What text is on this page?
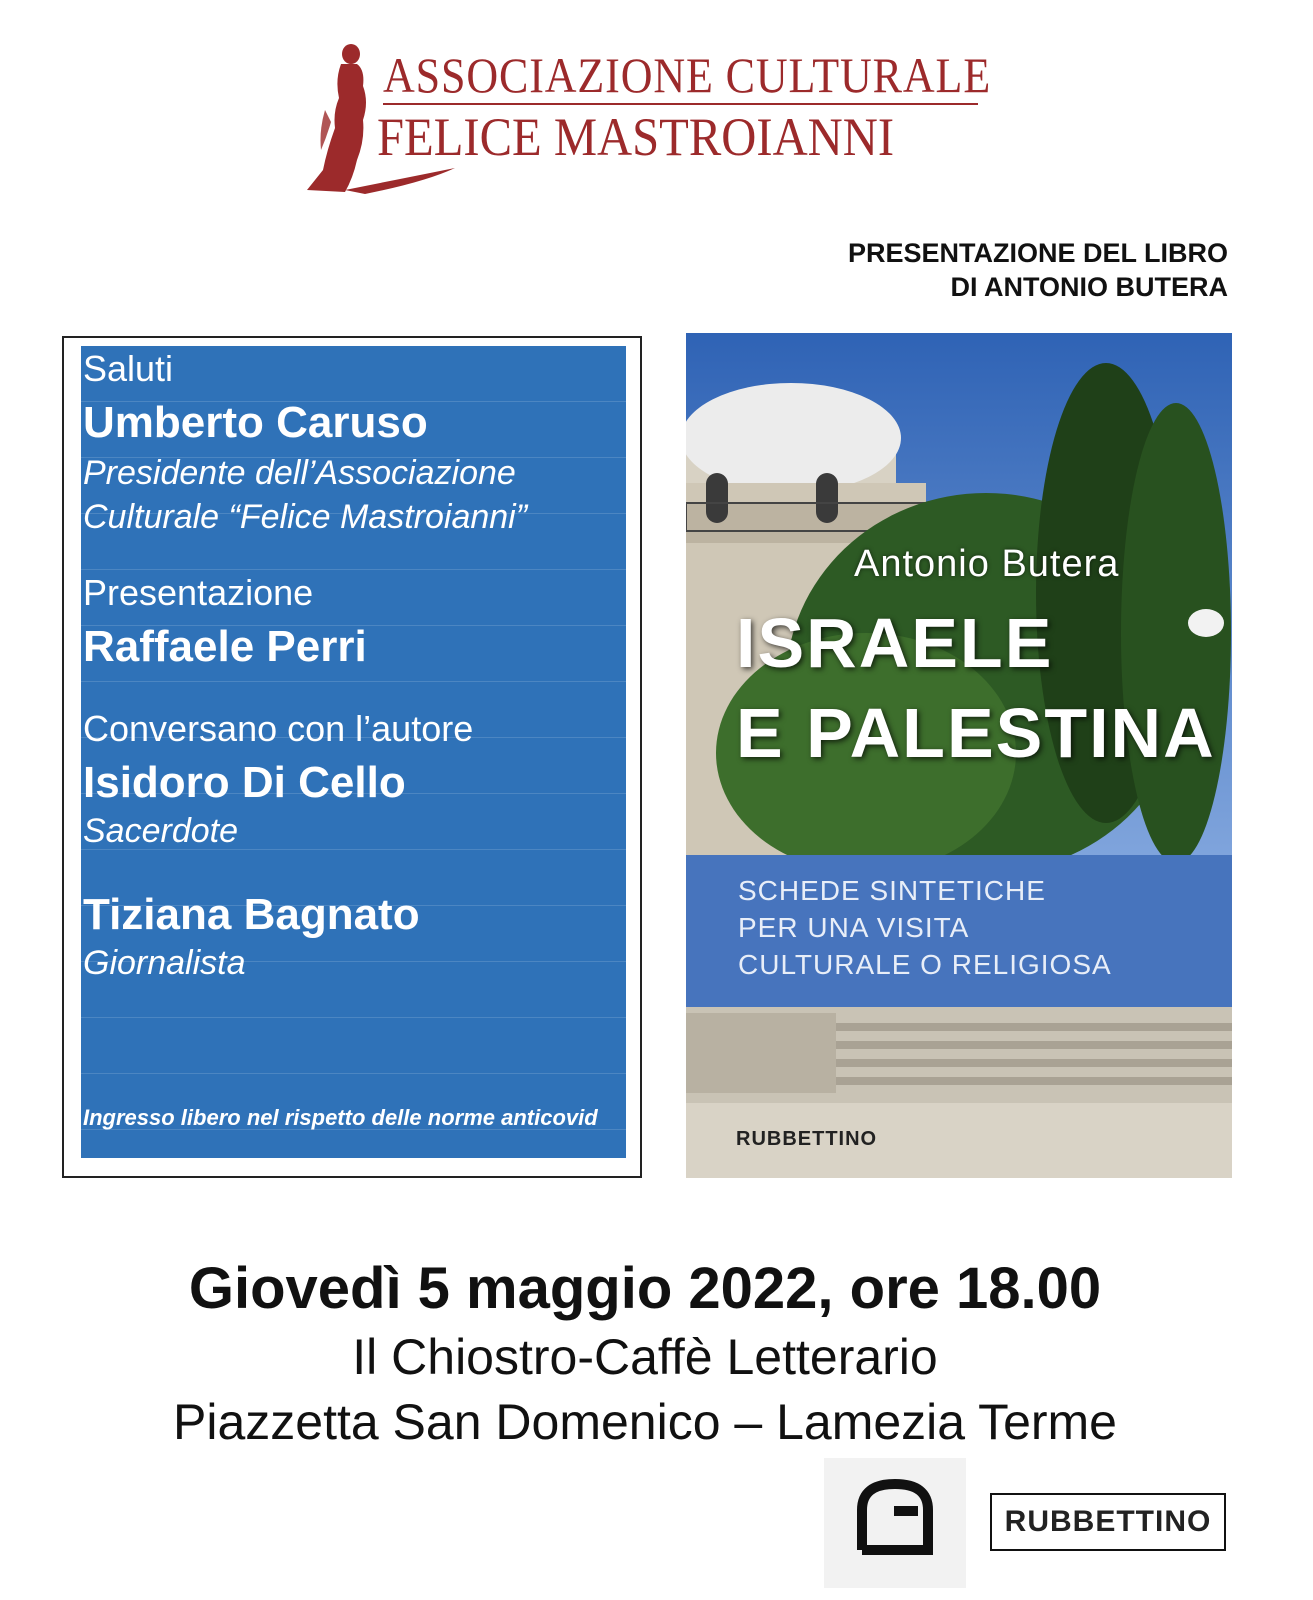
ASSOCIAZIONE CULTURALE
FELICE MASTROIANNI
PRESENTAZIONE DEL LIBRO
DI ANTONIO BUTERA
Saluti
Umberto Caruso
Presidente dell’Associazione
Culturale “Felice Mastroianni”
Presentazione
Raffaele Perri
Conversano con l’autore
Isidoro Di Cello
Sacerdote
Tiziana Bagnato
Giornalista
Ingresso libero nel rispetto delle norme anticovid
Antonio Butera
ISRAELE
E PALESTINA
SCHEDE SINTETICHE
PER UNA VISITA
CULTURALE O RELIGIOSA
RUBBETTINO
Giovedì 5 maggio 2022, ore 18.00
Il Chiostro-Caffè Letterario
Piazzetta San Domenico – Lamezia Terme
RUBBETTINO
